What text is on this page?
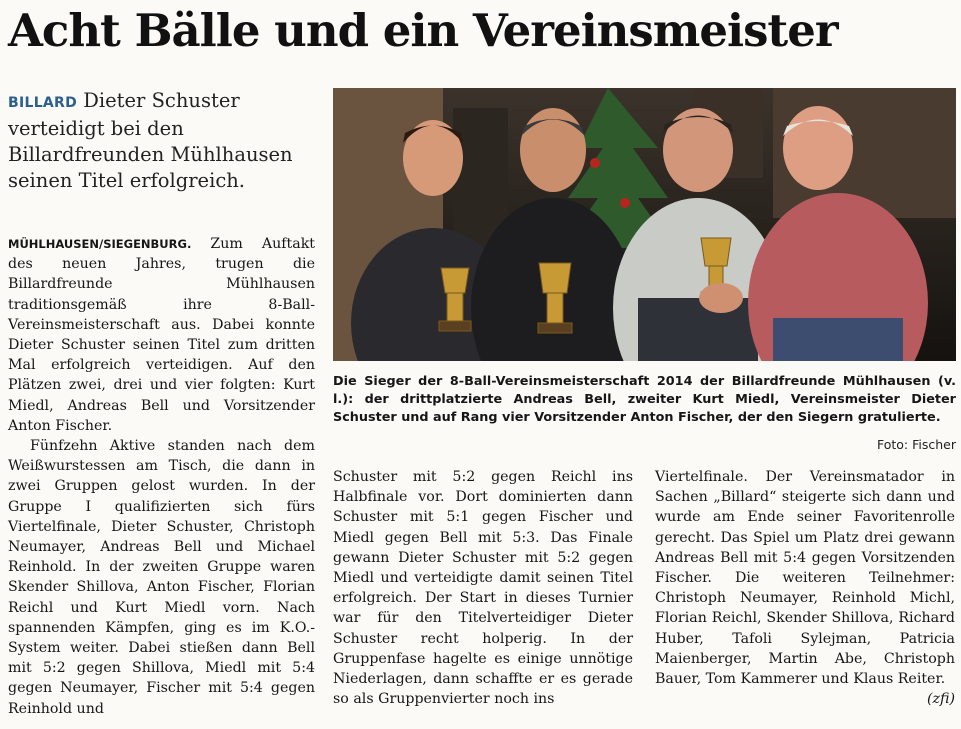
Acht Bälle und ein Vereinsmeister
BILLARD Dieter Schuster verteidigt bei den Billardfreunden Mühlhausen seinen Titel erfolgreich.

MÜHLHAUSEN/SIEGENBURG. Zum Auftakt des neuen Jahres, trugen die Billardfreunde Mühlhausen traditionsgemäß ihre 8-Ball-Vereinsmeisterschaft aus. Dabei konnte Dieter Schuster seinen Titel zum dritten Mal erfolgreich verteidigen. Auf den Plätzen zwei, drei und vier folgten: Kurt Miedl, Andreas Bell und Vorsitzender Anton Fischer.

Fünfzehn Aktive standen nach dem Weißwurstessen am Tisch, die dann in zwei Gruppen gelost wurden. In der Gruppe I qualifizierten sich fürs Viertelfinale, Dieter Schuster, Christoph Neumayer, Andreas Bell und Michael Reinhold. In der zweiten Gruppe waren Skender Shillova, Anton Fischer, Florian Reichl und Kurt Miedl vorn. Nach spannenden Kämpfen, ging es im K.O.-System weiter. Dabei stießen dann Bell mit 5:2 gegen Shillova, Miedl mit 5:4 gegen Neumayer, Fischer mit 5:4 gegen Reinhold und

Die Sieger der 8-Ball-Vereinsmeisterschaft 2014 der Billardfreunde Mühlhausen (v. l.): der drittplatzierte Andreas Bell, zweiter Kurt Miedl, Vereinsmeister Dieter Schuster und auf Rang vier Vorsitzender Anton Fischer, der den Siegern gratulierte.
Foto: Fischer

Schuster mit 5:2 gegen Reichl ins Halbfinale vor. Dort dominierten dann Schuster mit 5:1 gegen Fischer und Miedl gegen Bell mit 5:3. Das Finale gewann Dieter Schuster mit 5:2 gegen Miedl und verteidigte damit seinen Titel erfolgreich. Der Start in dieses Turnier war für den Titelverteidiger Dieter Schuster recht holperig. In der Gruppenfase hagelte es einige unnötige Niederlagen, dann schaffte er es gerade so als Gruppenvierter noch ins

Viertelfinale. Der Vereinsmatador in Sachen „Billard“ steigerte sich dann und wurde am Ende seiner Favoritenrolle gerecht. Das Spiel um Platz drei gewann Andreas Bell mit 5:4 gegen Vorsitzenden Fischer. Die weiteren Teilnehmer: Christoph Neumayer, Reinhold Michl, Florian Reichl, Skender Shillova, Richard Huber, Tafoli Sylejman, Patricia Maienberger, Martin Abe, Christoph Bauer, Tom Kammerer und Klaus Reiter.
(zfi)
